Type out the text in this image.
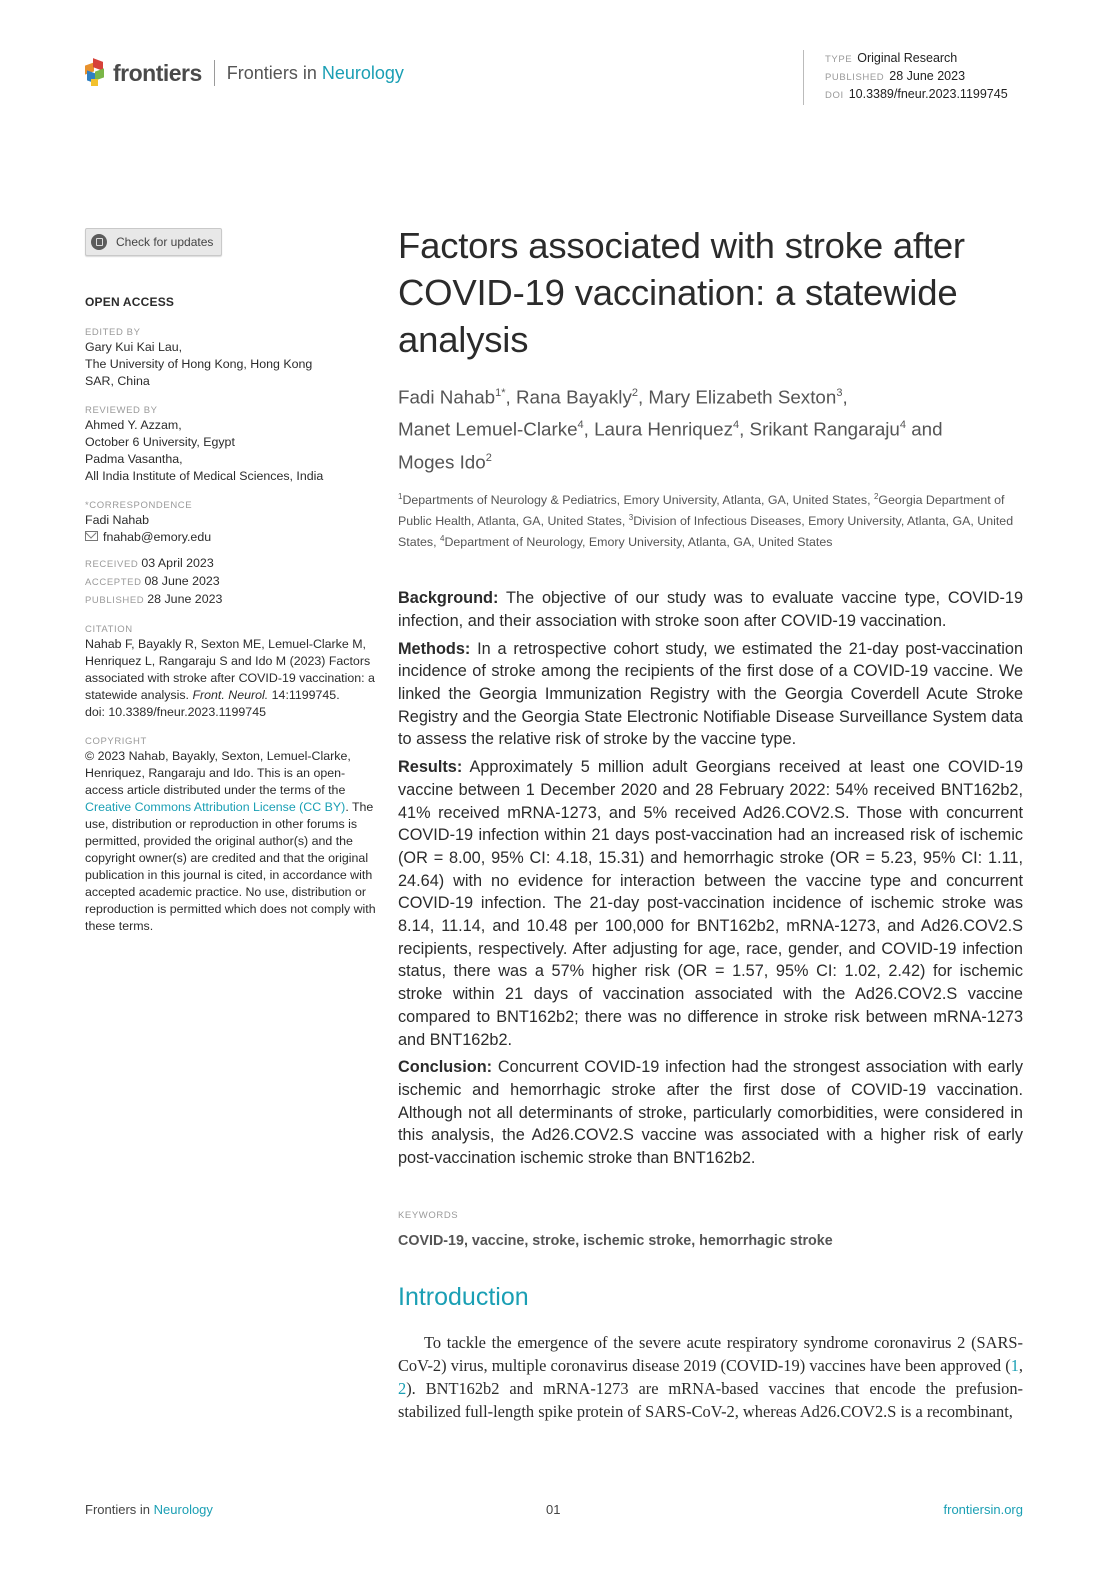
frontiers Frontiers in Neurology
TYPE Original Research
PUBLISHED 28 June 2023
DOI 10.3389/fneur.2023.1199745
Check for updates
OPEN ACCESS
EDITED BY
Gary Kui Kai Lau,
The University of Hong Kong, Hong Kong
SAR, China
REVIEWED BY
Ahmed Y. Azzam,
October 6 University, Egypt
Padma Vasantha,
All India Institute of Medical Sciences, India
*CORRESPONDENCE
Fadi Nahab
fnahab@emory.edu
RECEIVED 03 April 2023
ACCEPTED 08 June 2023
PUBLISHED 28 June 2023
CITATION
Nahab F, Bayakly R, Sexton ME, Lemuel-Clarke M, Henriquez L, Rangaraju S and Ido M (2023) Factors associated with stroke after COVID-19 vaccination: a statewide analysis. Front. Neurol. 14:1199745.
doi: 10.3389/fneur.2023.1199745
COPYRIGHT
© 2023 Nahab, Bayakly, Sexton, Lemuel-Clarke, Henriquez, Rangaraju and Ido. This is an open-access article distributed under the terms of the Creative Commons Attribution License (CC BY). The use, distribution or reproduction in other forums is permitted, provided the original author(s) and the copyright owner(s) are credited and that the original publication in this journal is cited, in accordance with accepted academic practice. No use, distribution or reproduction is permitted which does not comply with these terms.
Factors associated with stroke after COVID-19 vaccination: a statewide analysis
Fadi Nahab$^{1*}$, Rana Bayakly$^2$, Mary Elizabeth Sexton$^3$,
Manet Lemuel-Clarke$^4$, Laura Henriquez$^4$, Srikant Rangaraju$^4$ and
Moges Ido$^2$
$^1$Departments of Neurology & Pediatrics, Emory University, Atlanta, GA, United States, $^2$Georgia Department of Public Health, Atlanta, GA, United States, $^3$Division of Infectious Diseases, Emory University, Atlanta, GA, United States, $^4$Department of Neurology, Emory University, Atlanta, GA, United States

Background: The objective of our study was to evaluate vaccine type, COVID-19 infection, and their association with stroke soon after COVID-19 vaccination.

Methods: In a retrospective cohort study, we estimated the 21-day post-vaccination incidence of stroke among the recipients of the first dose of a COVID-19 vaccine. We linked the Georgia Immunization Registry with the Georgia Coverdell Acute Stroke Registry and the Georgia State Electronic Notifiable Disease Surveillance System data to assess the relative risk of stroke by the vaccine type.

Results: Approximately 5 million adult Georgians received at least one COVID-19 vaccine between 1 December 2020 and 28 February 2022: 54% received BNT162b2, 41% received mRNA-1273, and 5% received Ad26.COV2.S. Those with concurrent COVID-19 infection within 21 days post-vaccination had an increased risk of ischemic (OR = 8.00, 95% CI: 4.18, 15.31) and hemorrhagic stroke (OR = 5.23, 95% CI: 1.11, 24.64) with no evidence for interaction between the vaccine type and concurrent COVID-19 infection. The 21-day post-vaccination incidence of ischemic stroke was 8.14, 11.14, and 10.48 per 100,000 for BNT162b2, mRNA-1273, and Ad26.COV2.S recipients, respectively. After adjusting for age, race, gender, and COVID-19 infection status, there was a 57% higher risk (OR = 1.57, 95% CI: 1.02, 2.42) for ischemic stroke within 21 days of vaccination associated with the Ad26.COV2.S vaccine compared to BNT162b2; there was no difference in stroke risk between mRNA-1273 and BNT162b2.

Conclusion: Concurrent COVID-19 infection had the strongest association with early ischemic and hemorrhagic stroke after the first dose of COVID-19 vaccination. Although not all determinants of stroke, particularly comorbidities, were considered in this analysis, the Ad26.COV2.S vaccine was associated with a higher risk of early post-vaccination ischemic stroke than BNT162b2.

KEYWORDS
COVID-19, vaccine, stroke, ischemic stroke, hemorrhagic stroke
Introduction
To tackle the emergence of the severe acute respiratory syndrome coronavirus 2 (SARS-CoV-2) virus, multiple coronavirus disease 2019 (COVID-19) vaccines have been approved (1, 2). BNT162b2 and mRNA-1273 are mRNA-based vaccines that encode the prefusion-stabilized full-length spike protein of SARS-CoV-2, whereas Ad26.COV2.S is a recombinant,
Frontiers in Neurology	01	frontiersin.org
